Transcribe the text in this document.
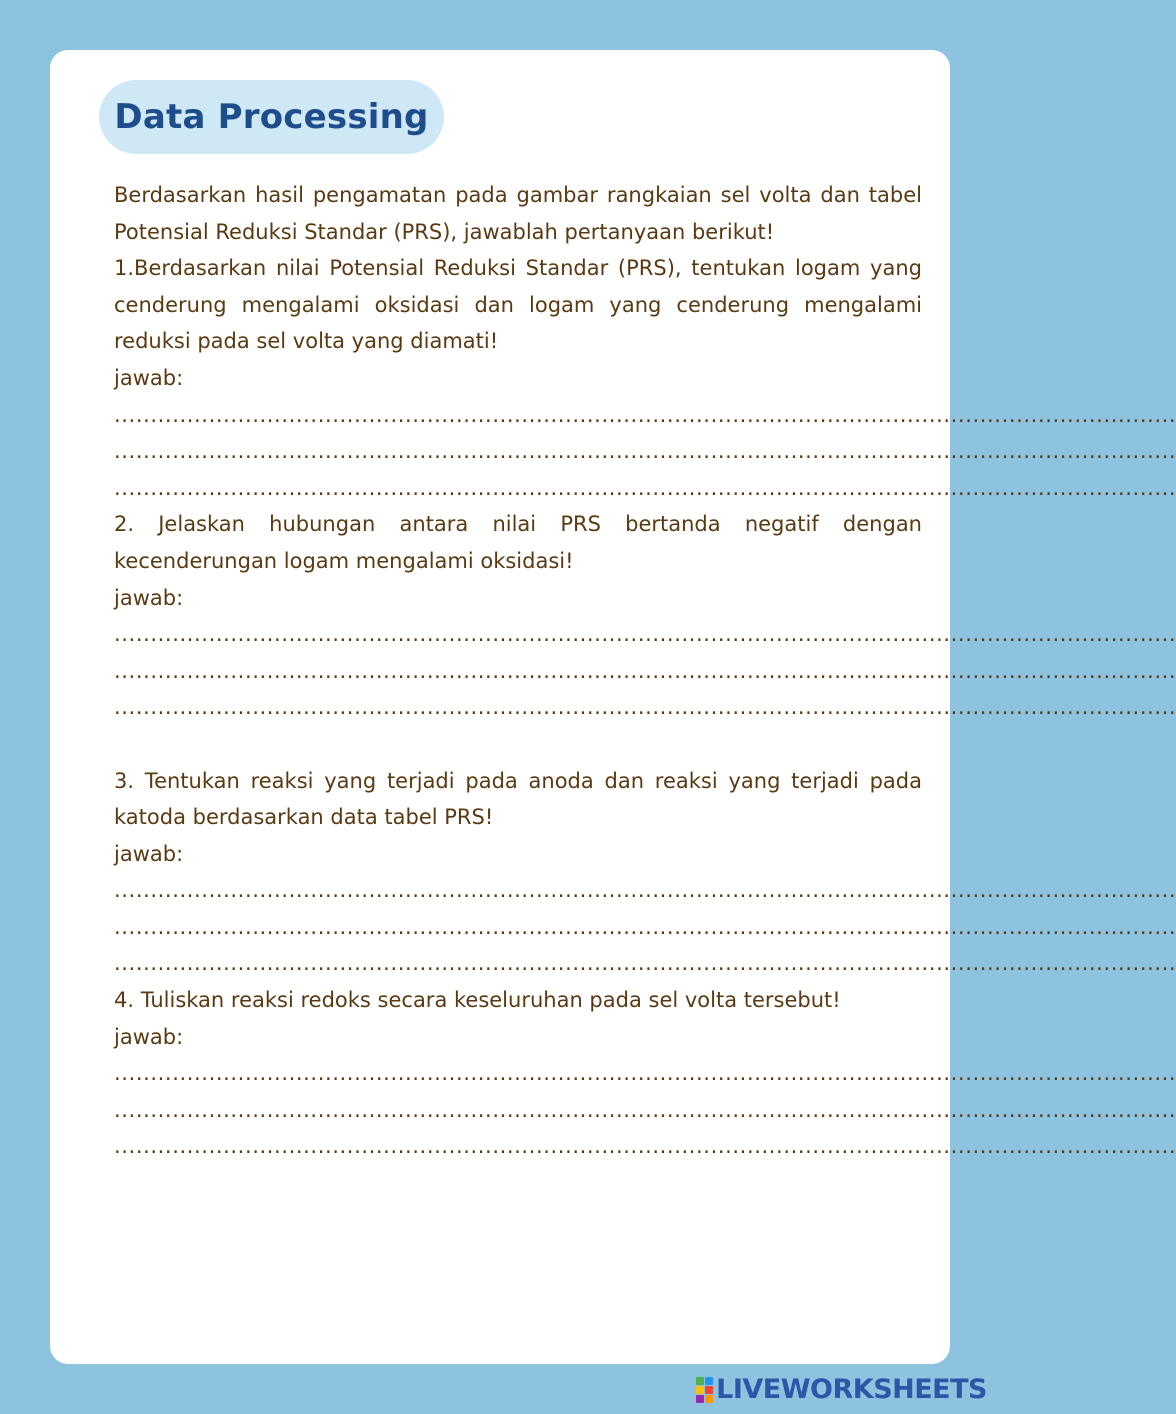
Data Processing

Berdasarkan hasil pengamatan pada gambar rangkaian sel volta dan tabel Potensial Reduksi Standar (PRS), jawablah pertanyaan berikut!

1.Berdasarkan nilai Potensial Reduksi Standar (PRS), tentukan logam yang cenderung mengalami oksidasi dan logam yang cenderung mengalami reduksi pada sel volta yang diamati!

jawab:
..................................................................................................................................................
..................................................................................................................................................
..................................................................................................................................................

2. Jelaskan hubungan antara nilai PRS bertanda negatif dengan kecenderungan logam mengalami oksidasi!

jawab:
..................................................................................................................................................
..................................................................................................................................................
..................................................................................................................................................

3. Tentukan reaksi yang terjadi pada anoda dan reaksi yang terjadi pada katoda berdasarkan data tabel PRS!

jawab:
..................................................................................................................................................
..................................................................................................................................................
..................................................................................................................................................

4. Tuliskan reaksi redoks secara keseluruhan pada sel volta tersebut!

jawab:
..................................................................................................................................................
..................................................................................................................................................
..................................................................................................................................................
LIVEWORKSHEETS
